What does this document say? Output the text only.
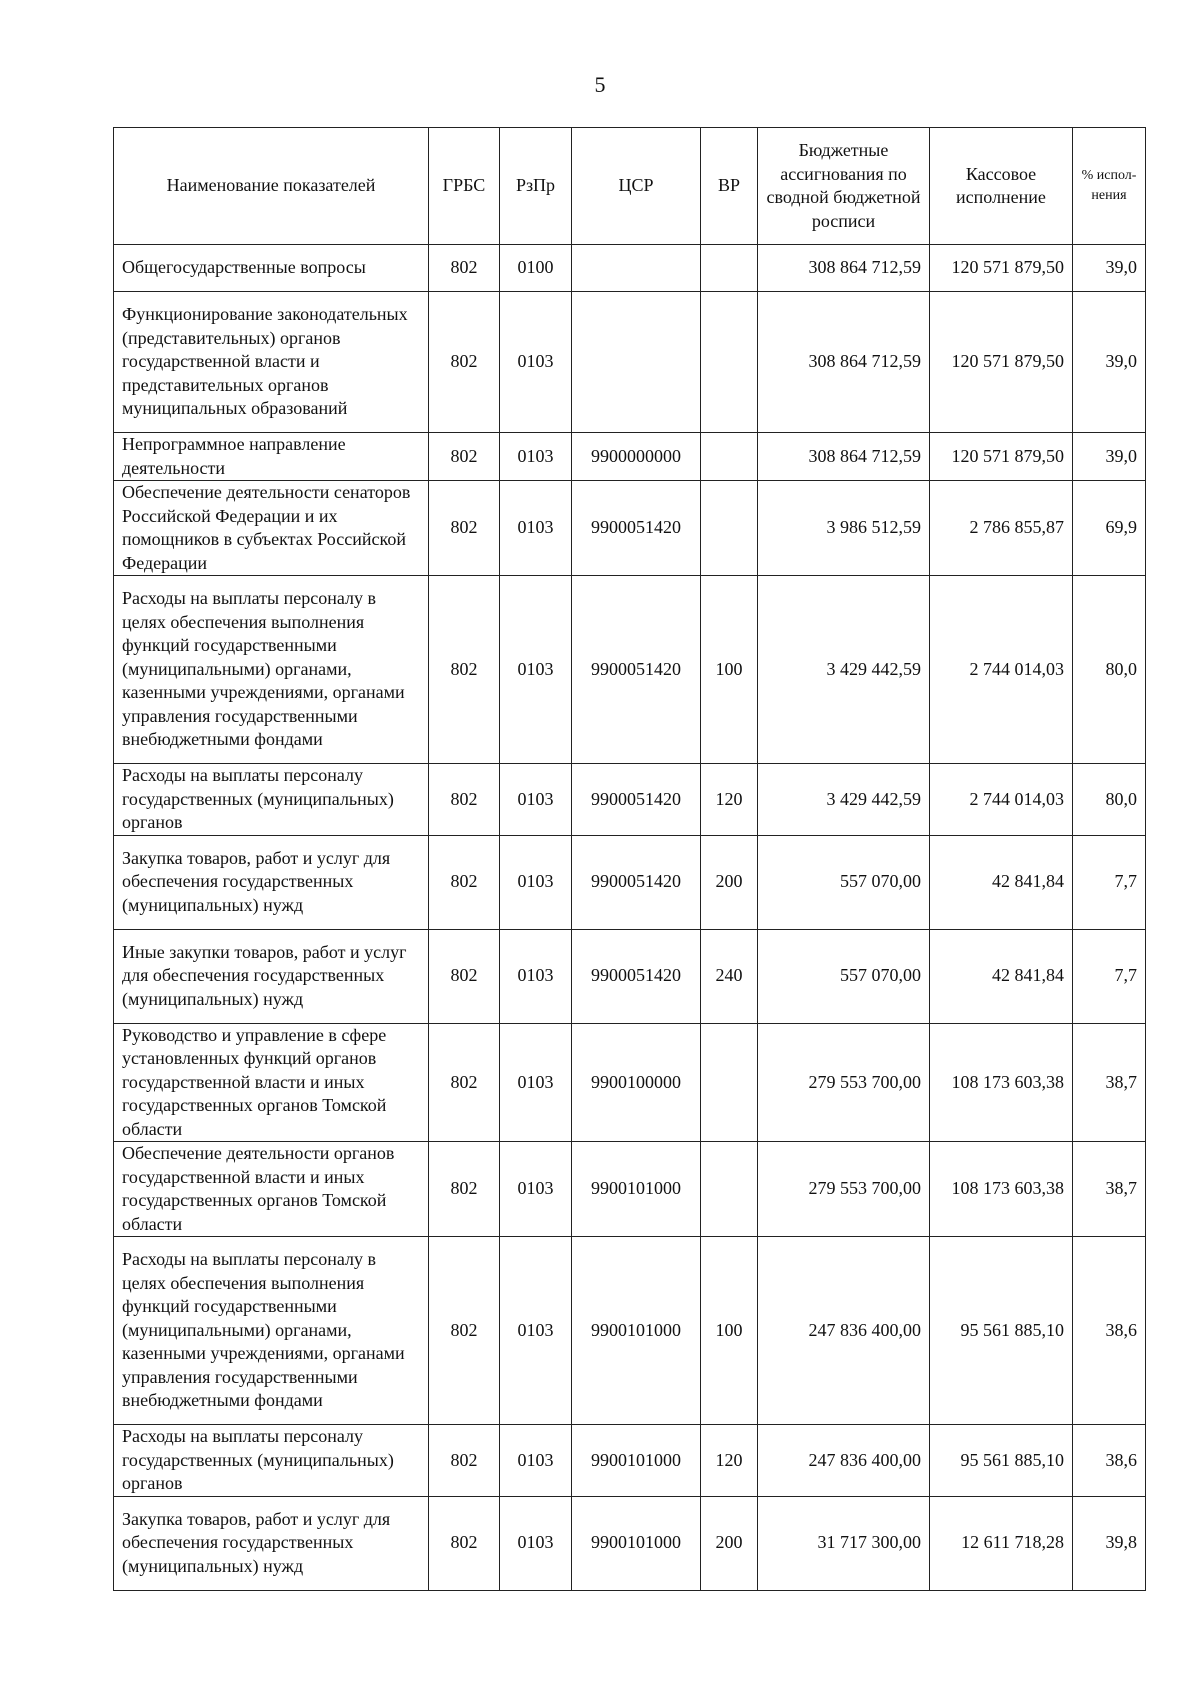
5
Наименование показателей	ГРБС	РзПр	ЦСР	ВР	Бюджетные ассигнования по сводной бюджетной росписи	Кассовое исполнение	% испол-нения
Общегосударственные вопросы	802	0100			308 864 712,59	120 571 879,50	39,0
Функционирование законодательных (представительных) органов государственной власти и представительных органов муниципальных образований	802	0103			308 864 712,59	120 571 879,50	39,0
Непрограммное направление деятельности	802	0103	9900000000		308 864 712,59	120 571 879,50	39,0
Обеспечение деятельности сенаторов Российской Федерации и их помощников в субъектах Российской Федерации	802	0103	9900051420		3 986 512,59	2 786 855,87	69,9
Расходы на выплаты персоналу в целях обеспечения выполнения функций государственными (муниципальными) органами, казенными учреждениями, органами управления государственными внебюджетными фондами	802	0103	9900051420	100	3 429 442,59	2 744 014,03	80,0
Расходы на выплаты персоналу государственных (муниципальных) органов	802	0103	9900051420	120	3 429 442,59	2 744 014,03	80,0
Закупка товаров, работ и услуг для обеспечения государственных (муниципальных) нужд	802	0103	9900051420	200	557 070,00	42 841,84	7,7
Иные закупки товаров, работ и услуг для обеспечения государственных (муниципальных) нужд	802	0103	9900051420	240	557 070,00	42 841,84	7,7
Руководство и управление в сфере установленных функций органов государственной власти и иных государственных органов Томской области	802	0103	9900100000		279 553 700,00	108 173 603,38	38,7
Обеспечение деятельности органов государственной власти и иных государственных органов Томской области	802	0103	9900101000		279 553 700,00	108 173 603,38	38,7
Расходы на выплаты персоналу в целях обеспечения выполнения функций государственными (муниципальными) органами, казенными учреждениями, органами управления государственными внебюджетными фондами	802	0103	9900101000	100	247 836 400,00	95 561 885,10	38,6
Расходы на выплаты персоналу государственных (муниципальных) органов	802	0103	9900101000	120	247 836 400,00	95 561 885,10	38,6
Закупка товаров, работ и услуг для обеспечения государственных (муниципальных) нужд	802	0103	9900101000	200	31 717 300,00	12 611 718,28	39,8
